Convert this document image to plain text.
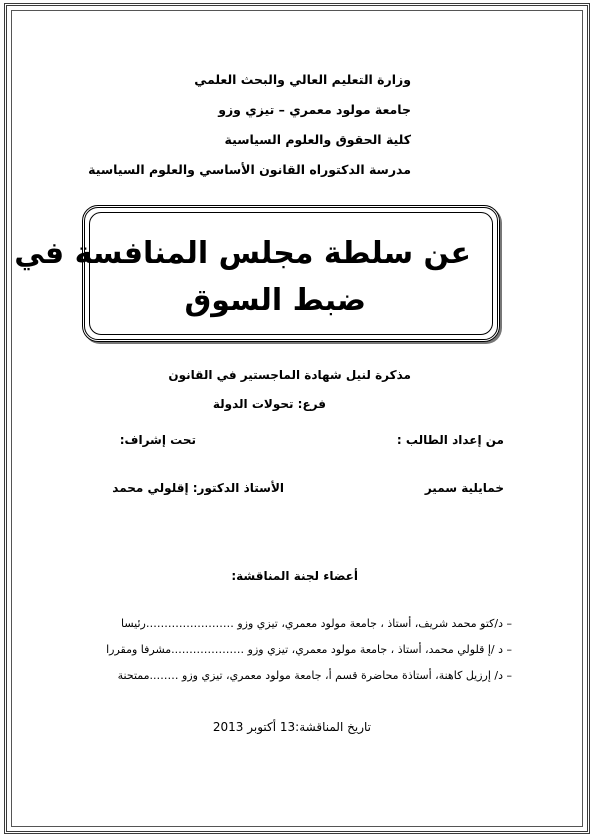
وزارة التعليم العالي والبحث العلمي
جامعة مولود معمري – تيزي وزو
كلية الحقوق والعلوم السياسية
مدرسة الدكتوراه القانون الأساسي والعلوم السياسية
عن سلطة مجلس المنافسة في
ضبط السوق
مذكرة لنيل شهادة الماجستير في القانون
فرع: تحولات الدولة
من إعداد الطالب :
تحت إشراف:
خمايلية سمير
الأستاذ الدكتور: إقلولي محمد
أعضاء لجنة المناقشة:
– د/كتو محمد شريف، أستاذ ، جامعة مولود معمري، تيزي وزو ……………………رئيسا
– د /إ قلولي محمد، أستاذ ، جامعة مولود معمري، تيزي وزو ………………..مشرفا ومقررا
– د/ إرزيل كاهنة، أستاذة محاضرة قسم أ، جامعة مولود معمري، تيزي وزو ……..ممتحنة
تاريخ المناقشة:13 أكتوبر 2013
